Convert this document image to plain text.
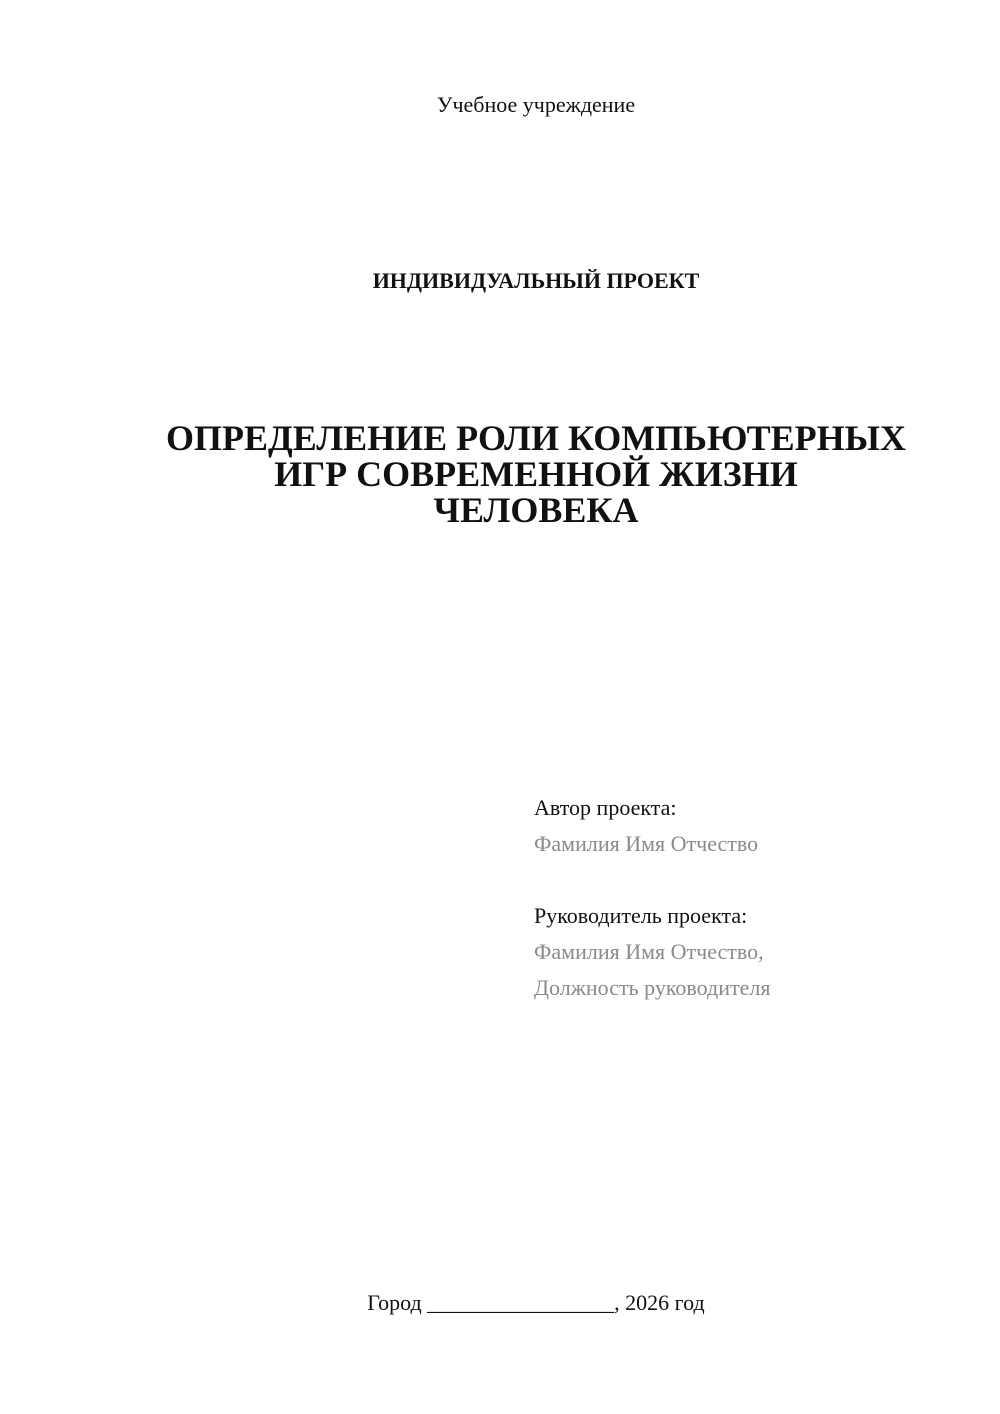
Учебное учреждение
ИНДИВИДУАЛЬНЫЙ ПРОЕКТ
ОПРЕДЕЛЕНИЕ РОЛИ КОМПЬЮТЕРНЫХ
ИГР СОВРЕМЕННОЙ ЖИЗНИ
ЧЕЛОВЕКА
Автор проекта:
Фамилия Имя Отчество
Руководитель проекта:
Фамилия Имя Отчество,
Должность руководителя
Город _________________, 2026 год
